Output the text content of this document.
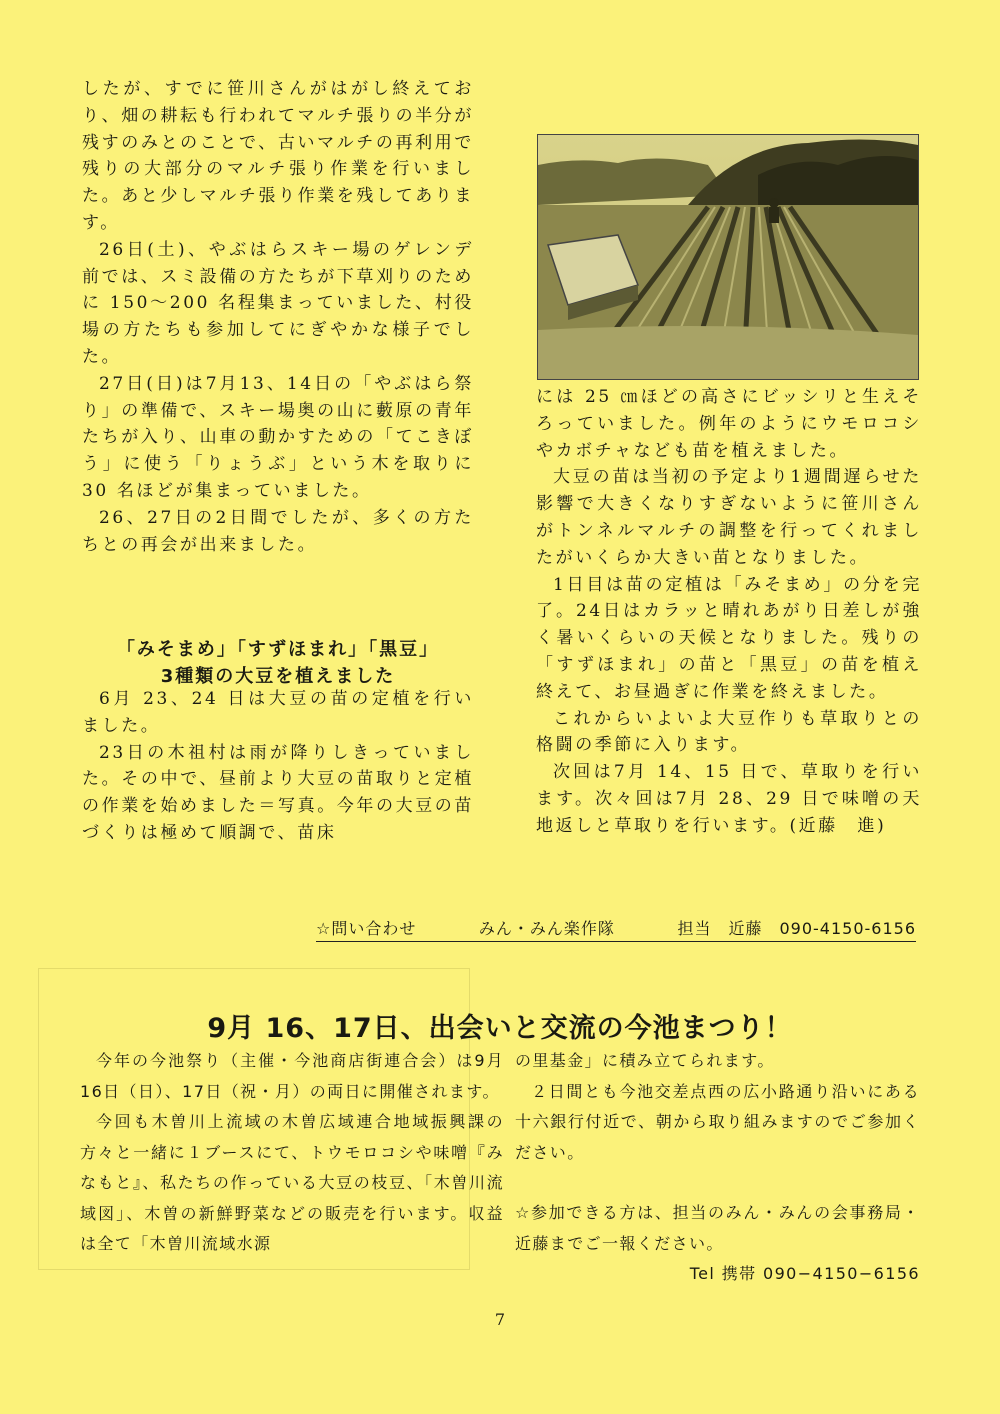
したが、すでに笹川さんがはがし終えており、畑の耕耘も行われてマルチ張りの半分が残すのみとのことで、古いマルチの再利用で残りの大部分のマルチ張り作業を行いました。あと少しマルチ張り作業を残してあります。

26日(土)、やぶはらスキー場のゲレンデ前では、スミ設備の方たちが下草刈りのために 150〜200 名程集まっていました、村役場の方たちも参加してにぎやかな様子でした。

27日(日)は7月13、14日の「やぶはら祭り」の準備で、スキー場奥の山に藪原の青年たちが入り、山車の動かすための「てこきぼう」に使う「りょうぶ」という木を取りに 30 名ほどが集まっていました。

26、27日の2日間でしたが、多くの方たちとの再会が出来ました。

「みそまめ」「すずほまれ」「黒豆」
3種類の大豆を植えました

6月 23、24 日は大豆の苗の定植を行いました。

23日の木祖村は雨が降りしきっていました。その中で、昼前より大豆の苗取りと定植の作業を始めました＝写真。今年の大豆の苗づくりは極めて順調で、苗床

には 25 ㎝ほどの高さにビッシリと生えそろっていました。例年のようにウモロコシやカボチャなども苗を植えました。

大豆の苗は当初の予定より1週間遅らせた影響で大きくなりすぎないように笹川さんがトンネルマルチの調整を行ってくれましたがいくらか大きい苗となりました。

1日目は苗の定植は「みそまめ」の分を完了。24日はカラッと晴れあがり日差しが強く暑いくらいの天候となりました。残りの「すずほまれ」の苗と「黒豆」の苗を植え終えて、お昼過ぎに作業を終えました。

これからいよいよ大豆作りも草取りとの格闘の季節に入ります。

次回は7月 14、15 日で、草取りを行います。次々回は7月 28、29 日で味噌の天地返しと草取りを行います。(近藤　進)

☆問い合わせ	みん・みん楽作隊	担当　近藤　090-4150-6156
9月 16、17日、出会いと交流の今池まつり！

今年の今池祭り（主催・今池商店街連合会）は9月16日（日）、17日（祝・月）の両日に開催されます。

今回も木曽川上流域の木曽広域連合地域振興課の方々と一緒に１ブースにて、トウモロコシや味噌『みなもと』、私たちの作っている大豆の枝豆、「木曽川流域図」、木曽の新鮮野菜などの販売を行います。収益は全て「木曽川流域水源

の里基金」に積み立てられます。

２日間とも今池交差点西の広小路通り沿いにある十六銀行付近で、朝から取り組みますのでご参加ください。

☆参加できる方は、担当のみん・みんの会事務局・近藤までご一報ください。

Tel 携帯 090−4150−6156

7
